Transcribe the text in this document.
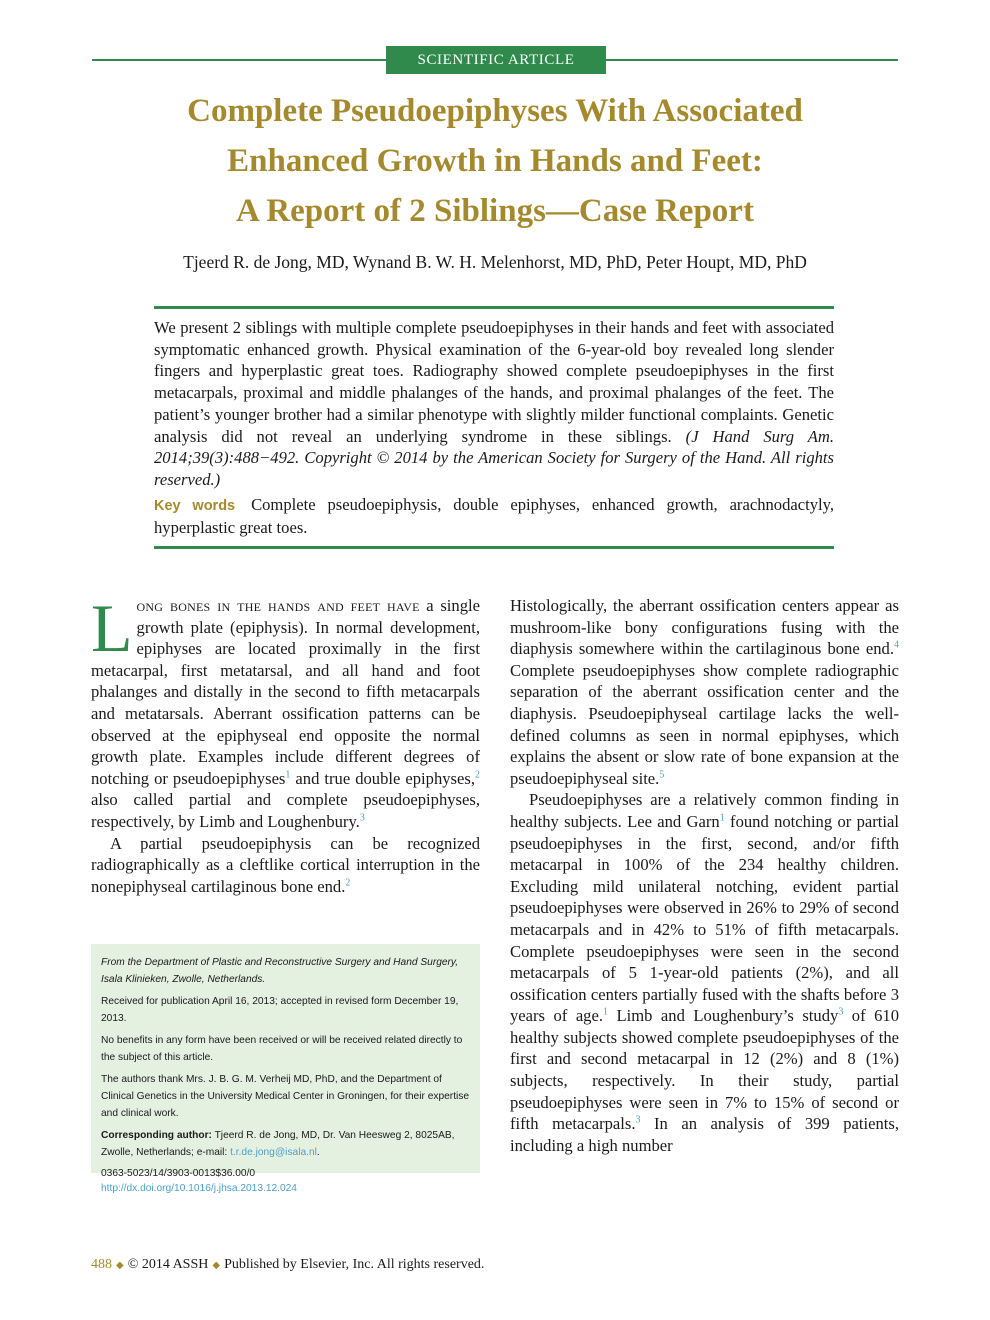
SCIENTIFIC ARTICLE
Complete Pseudoepiphyses With Associated
Enhanced Growth in Hands and Feet:
A Report of 2 Siblings—Case Report
Tjeerd R. de Jong, MD, Wynand B. W. H. Melenhorst, MD, PhD, Peter Houpt, MD, PhD
We present 2 siblings with multiple complete pseudoepiphyses in their hands and feet with associated symptomatic enhanced growth. Physical examination of the 6-year-old boy revealed long slender fingers and hyperplastic great toes. Radiography showed complete pseudoepiphyses in the first metacarpals, proximal and middle phalanges of the hands, and proximal phalanges of the feet. The patient’s younger brother had a similar phenotype with slightly milder functional complaints. Genetic analysis did not reveal an underlying syndrome in these siblings. (J Hand Surg Am. 2014;39(3):488−492. Copyright © 2014 by the American Society for Surgery of the Hand. All rights reserved.)
Key words Complete pseudoepiphysis, double epiphyses, enhanced growth, arachnodactyly, hyperplastic great toes.

Long bones in the hands and feet have a single growth plate (epiphysis). In normal development, epiphyses are located proximally in the first metacarpal, first metatarsal, and all hand and foot phalanges and distally in the second to fifth metacarpals and metatarsals. Aberrant ossification patterns can be observed at the epiphyseal end opposite the normal growth plate. Examples include different degrees of notching or pseudoepiphyses$^1$ and true double epiphyses,$^2$ also called partial and complete pseudoepiphyses, respectively, by Limb and Loughenbury.$^3$

A partial pseudoepiphysis can be recognized radiographically as a cleftlike cortical interruption in the nonepiphyseal cartilaginous bone end.$^2$

From the Department of Plastic and Reconstructive Surgery and Hand Surgery, Isala Klinieken, Zwolle, Netherlands.

Received for publication April 16, 2013; accepted in revised form December 19, 2013.

No benefits in any form have been received or will be received related directly to the subject of this article.

The authors thank Mrs. J. B. G. M. Verheij MD, PhD, and the Department of Clinical Genetics in the University Medical Center in Groningen, for their expertise and clinical work.

Corresponding author: Tjeerd R. de Jong, MD, Dr. Van Heesweg 2, 8025AB, Zwolle, Netherlands; e-mail: t.r.de.jong@isala.nl.

0363-5023/14/3903-0013$36.00/0
http://dx.doi.org/10.1016/j.jhsa.2013.12.024

Histologically, the aberrant ossification centers appear as mushroom-like bony configurations fusing with the diaphysis somewhere within the cartilaginous bone end.$^4$ Complete pseudoepiphyses show complete radiographic separation of the aberrant ossification center and the diaphysis. Pseudoepiphyseal cartilage lacks the well-defined columns as seen in normal epiphyses, which explains the absent or slow rate of bone expansion at the pseudoepiphyseal site.$^5$

Pseudoepiphyses are a relatively common finding in healthy subjects. Lee and Garn$^1$ found notching or partial pseudoepiphyses in the first, second, and/or fifth metacarpal in 100% of the 234 healthy children. Excluding mild unilateral notching, evident partial pseudoepiphyses were observed in 26% to 29% of second metacarpals and in 42% to 51% of fifth metacarpals. Complete pseudoepiphyses were seen in the second metacarpals of 5 1-year-old patients (2%), and all ossification centers partially fused with the shafts before 3 years of age.$^1$ Limb and Loughenbury’s study$^3$ of 610 healthy subjects showed complete pseudoepiphyses of the first and second metacarpal in 12 (2%) and 8 (1%) subjects, respectively. In their study, partial pseudoepiphyses were seen in 7% to 15% of second or fifth metacarpals.$^3$ In an analysis of 399 patients, including a high number

488 ◆ © 2014 ASSH ◆ Published by Elsevier, Inc. All rights reserved.
